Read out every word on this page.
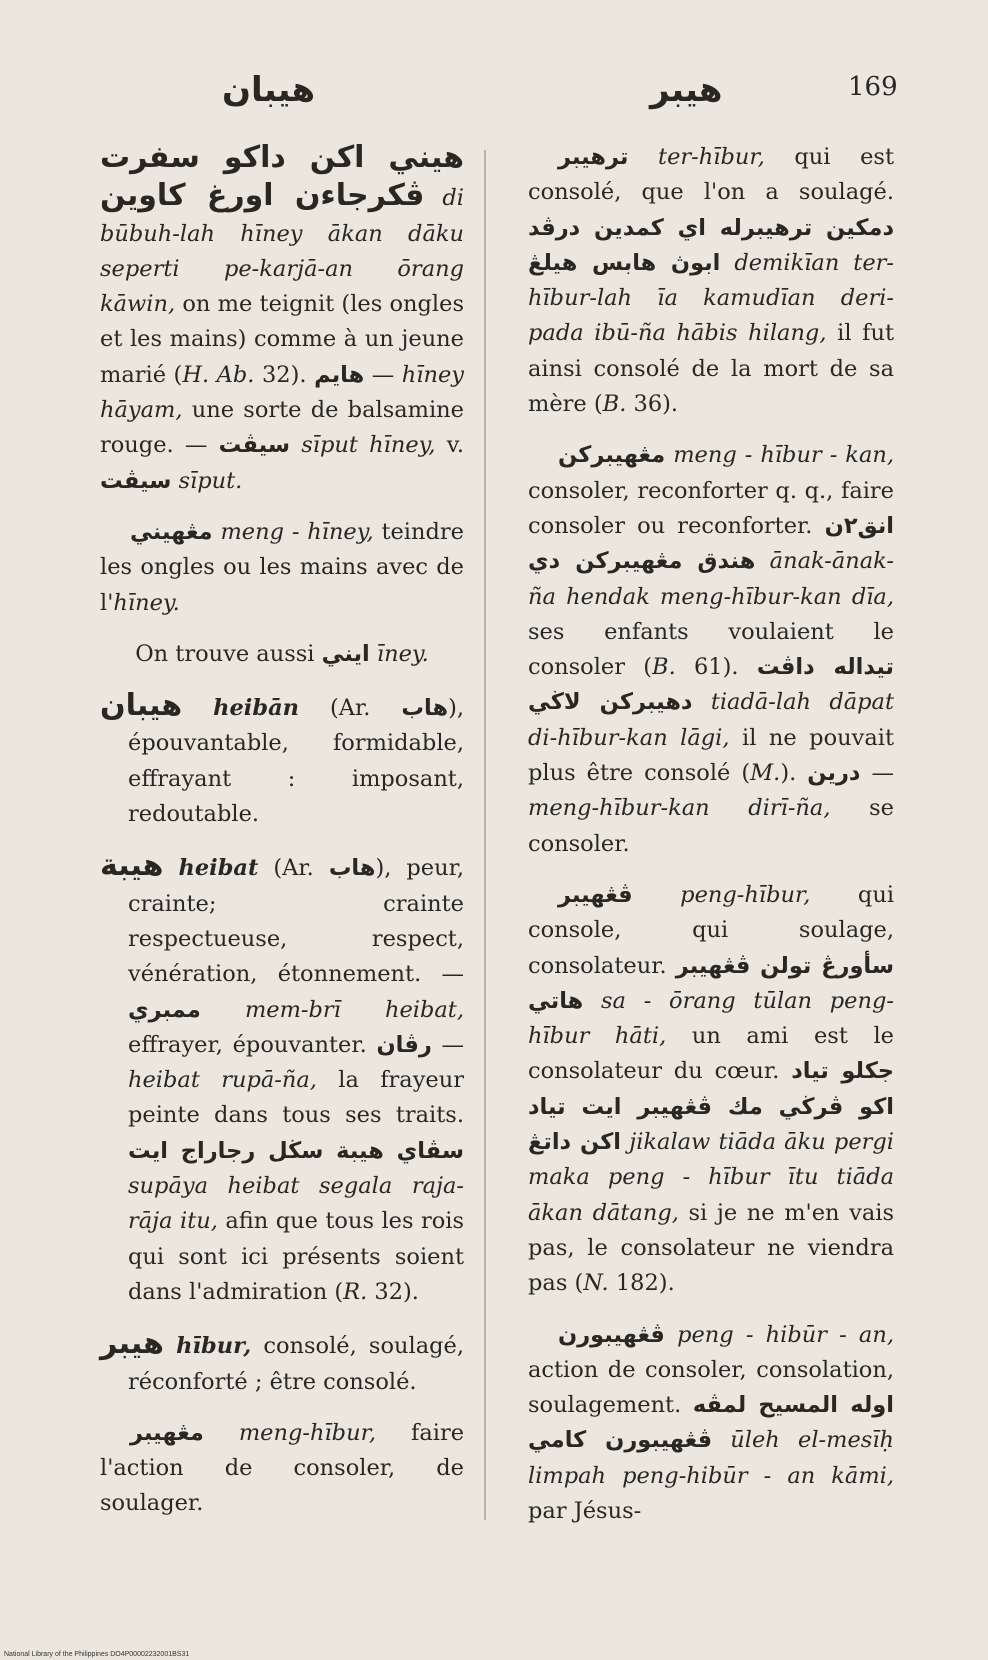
هيبان	هيبر	169

هيني اكن داكو سفرت ڤكرجاءن اورغ كاوين di būbuh-lah hīney ākan dāku seperti pe-karjā-an ōrang kāwin, on me teignit (les ongles et les mains) comme à un jeune marié (H. Ab. 32). هايم — hīney hāyam, une sorte de balsamine rouge. — سيڤت sīput hīney, v. سيڤت sīput.

مڠهيني meng - hīney, teindre les ongles ou les mains avec de l'hīney.

On trouve aussi ايني īney.

هيبان heibān (Ar. هاب), épouvantable, formidable, effrayant : imposant, redoutable.

هيبة heibat (Ar. هاب), peur, crainte; crainte respectueuse, respect, vénération, étonnement. — ممبري mem-brī heibat, effrayer, épouvanter. رڤان — heibat rupā-ña, la frayeur peinte dans tous ses traits. سڤاي هيبة سڬل رجاراج ايت supāya heibat segala raja-rāja itu, afin que tous les rois qui sont ici présents soient dans l'admiration (R. 32).

هيبر hībur, consolé, soulagé, réconforté ; être consolé.

مڠهيبر meng-hībur, faire l'action de consoler, de soulager.

ترهيبر ter-hībur, qui est consolé, que l'on a soulagé. دمكين ترهيبرله اي كمدين درڤد ابوڽ هابس هيلڠ demikīan ter-hībur-lah īa kamudīan deri-pada ibū-ña hābis hilang, il fut ainsi consolé de la mort de sa mère (B. 36).

مڠهيبركن meng - hībur - kan, consoler, reconforter q. q., faire consoler ou reconforter. انق٢ن هندق مڠهيبركن دي ānak-ānak-ña hendak meng-hībur-kan dīa, ses enfants voulaient le consoler (B. 61). تيداله داڤت دهيبركن لاڬي tiadā-lah dāpat di-hībur-kan lāgi, il ne pouvait plus être consolé (M.). درين — meng-hībur-kan dirī-ña, se consoler.

ڤڠهيبر peng-hībur, qui console, qui soulage, consolateur. سأورڠ تولن ڤڠهيبر هاتي sa - ōrang tūlan peng-hībur hāti, un ami est le consolateur du cœur. جكلو تياد اكو ڤرڬي مك ڤڠهيبر ايت تياد اكن داتڠ jikalaw tiāda āku pergi maka peng - hībur ītu tiāda ākan dātang, si je ne m'en vais pas, le consolateur ne viendra pas (N. 182).

ڤڠهيبورن peng - hibūr - an, action de consoler, consolation, soulagement. اوله المسيح لمڤه ڤڠهيبورن كامي ūleh el-mesīḥ limpah peng-hibūr - an kāmi, par Jésus-

National Library of the Philippines DO4P00002232001BS31
